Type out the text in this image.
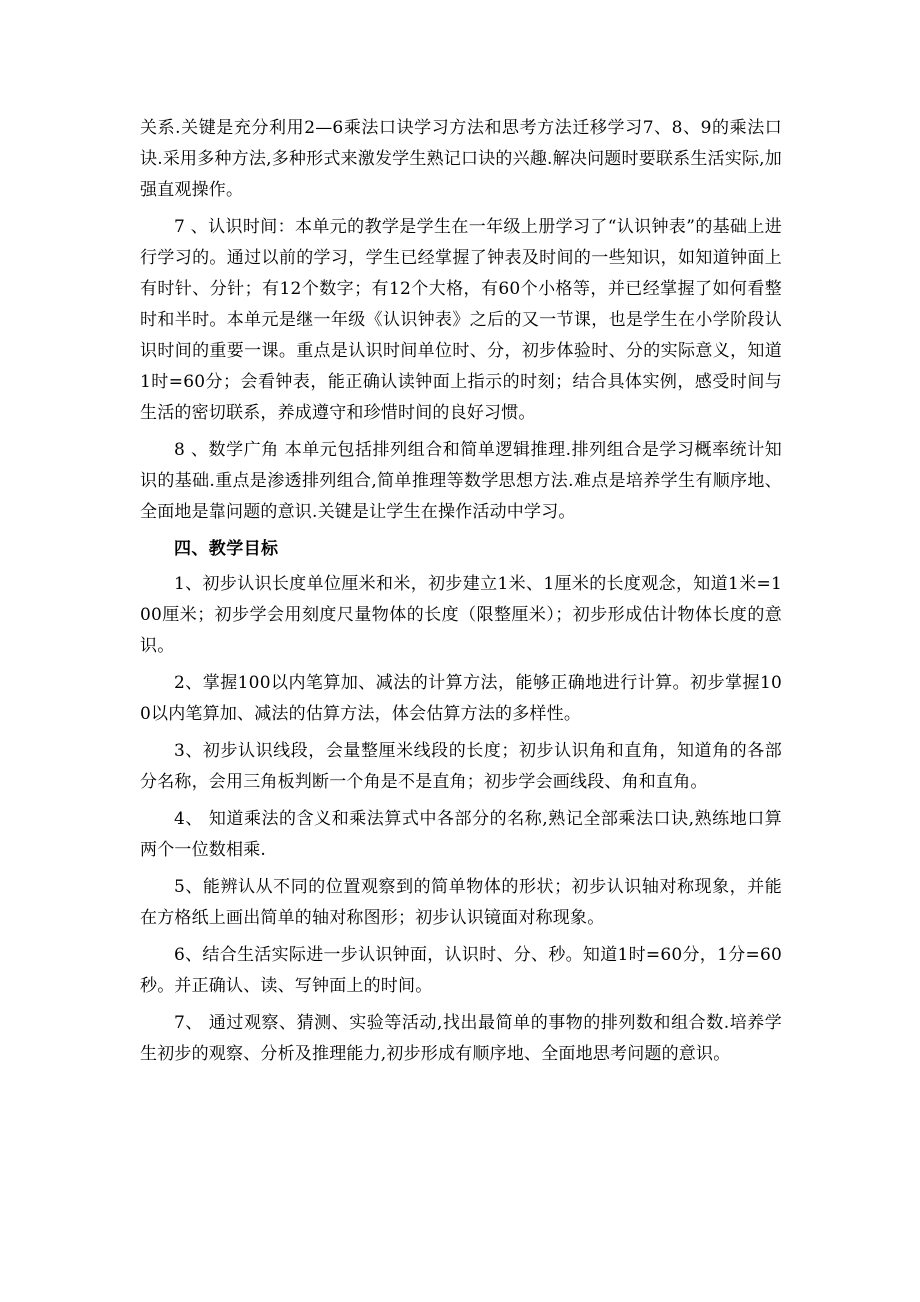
关系.关键是充分利用2—6乘法口诀学习方法和思考方法迁移学习7、8、9的乘法口诀.采用多种方法,多种形式来激发学生熟记口诀的兴趣.解决问题时要联系生活实际,加强直观操作。

7 、认识时间：本单元的教学是学生在一年级上册学习了“认识钟表”的基础上进行学习的。通过以前的学习，学生已经掌握了钟表及时间的一些知识，如知道钟面上有时针、分针；有12个数字；有12个大格，有60个小格等，并已经掌握了如何看整时和半时。本单元是继一年级《认识钟表》之后的又一节课，也是学生在小学阶段认识时间的重要一课。重点是认识时间单位时、分，初步体验时、分的实际意义，知道1时=60分；会看钟表，能正确认读钟面上指示的时刻；结合具体实例，感受时间与生活的密切联系，养成遵守和珍惜时间的良好习惯。

8 、数学广角 本单元包括排列组合和简单逻辑推理.排列组合是学习概率统计知识的基础.重点是渗透排列组合,简单推理等数学思想方法.难点是培养学生有顺序地、全面地是靠问题的意识.关键是让学生在操作活动中学习。

四、教学目标

1、初步认识长度单位厘米和米，初步建立1米、1厘米的长度观念，知道1米=100厘米；初步学会用刻度尺量物体的长度（限整厘米）；初步形成估计物体长度的意识。

2、掌握100以内笔算加、减法的计算方法，能够正确地进行计算。初步掌握100以内笔算加、减法的估算方法，体会估算方法的多样性。

3、初步认识线段，会量整厘米线段的长度；初步认识角和直角，知道角的各部分名称，会用三角板判断一个角是不是直角；初步学会画线段、角和直角。

4、 知道乘法的含义和乘法算式中各部分的名称,熟记全部乘法口诀,熟练地口算两个一位数相乘.

5、能辨认从不同的位置观察到的简单物体的形状；初步认识轴对称现象，并能在方格纸上画出简单的轴对称图形；初步认识镜面对称现象。

6、结合生活实际进一步认识钟面，认识时、分、秒。知道1时=60分，1分=60秒。并正确认、读、写钟面上的时间。

7、 通过观察、猜测、实验等活动,找出最简单的事物的排列数和组合数.培养学生初步的观察、分析及推理能力,初步形成有顺序地、全面地思考问题的意识。
